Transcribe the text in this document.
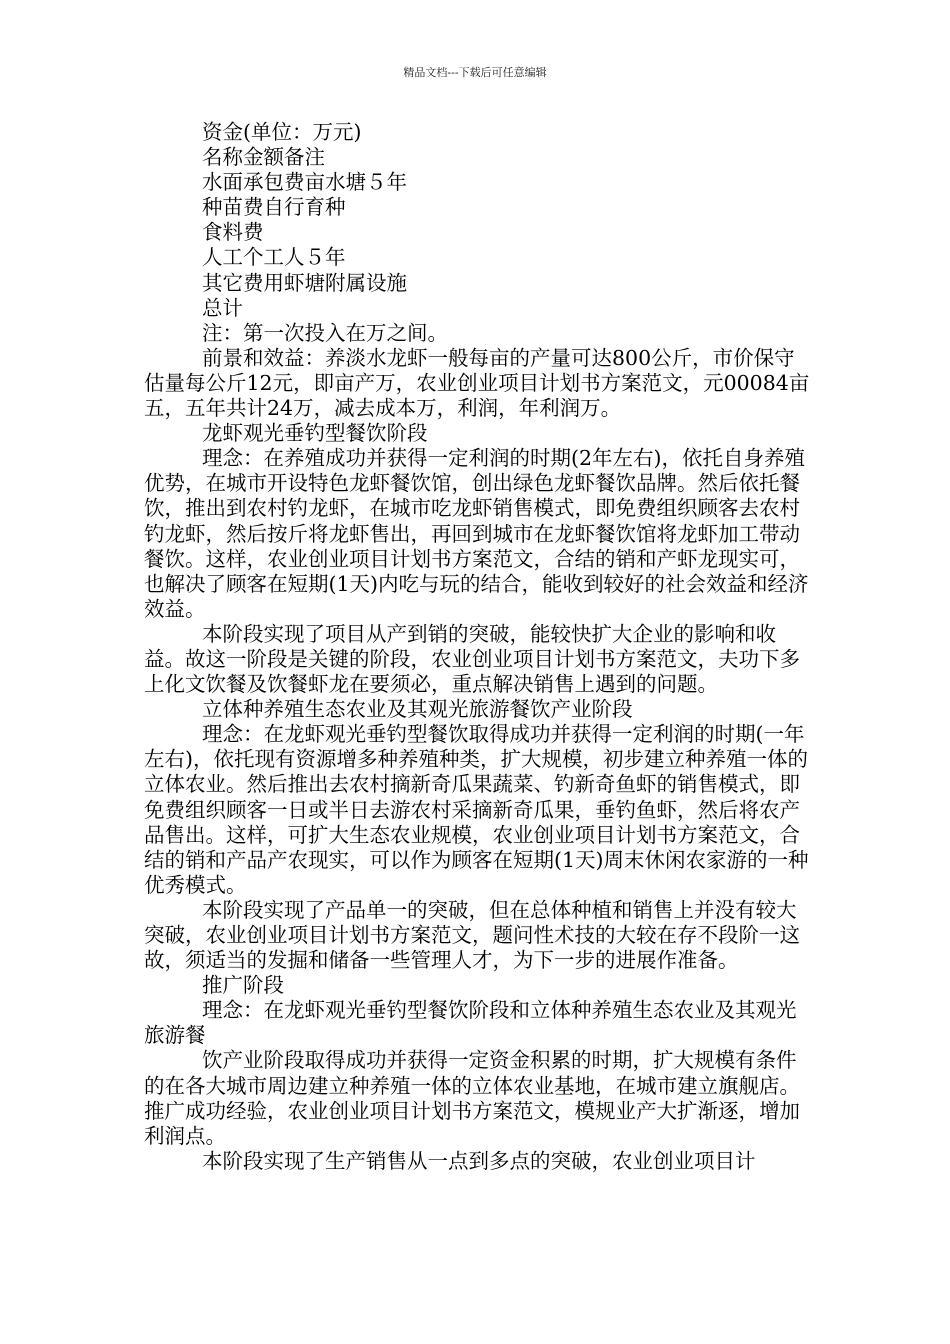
精品文档---下载后可任意编辑

资金(单位：万元)

名称金额备注

水面承包费亩水塘５年

种苗费自行育种

食料费

人工个工人５年

其它费用虾塘附属设施

总计

注：第一次投入在万之间。

前景和效益：养淡水龙虾一般每亩的产量可达800公斤，市价保守估量每公斤12元，即亩产万，农业创业项目计划书方案范文，元00084亩五，五年共计24万，减去成本万，利润，年利润万。

龙虾观光垂钓型餐饮阶段

理念：在养殖成功并获得一定利润的时期(2年左右)，依托自身养殖优势，在城市开设特色龙虾餐饮馆，创出绿色龙虾餐饮品牌。然后依托餐饮，推出到农村钓龙虾，在城市吃龙虾销售模式，即免费组织顾客去农村钓龙虾，然后按斤将龙虾售出，再回到城市在龙虾餐饮馆将龙虾加工带动餐饮。这样，农业创业项目计划书方案范文，合结的销和产虾龙现实可，也解决了顾客在短期(1天)内吃与玩的结合，能收到较好的社会效益和经济效益。

本阶段实现了项目从产到销的突破，能较快扩大企业的影响和收益。故这一阶段是关键的阶段，农业创业项目计划书方案范文，夫功下多上化文饮餐及饮餐虾龙在要须必，重点解决销售上遇到的问题。

立体种养殖生态农业及其观光旅游餐饮产业阶段

理念：在龙虾观光垂钓型餐饮取得成功并获得一定利润的时期(一年左右)，依托现有资源增多种养殖种类，扩大规模，初步建立种养殖一体的立体农业。然后推出去农村摘新奇瓜果蔬菜、钓新奇鱼虾的销售模式，即免费组织顾客一日或半日去游农村采摘新奇瓜果，垂钓鱼虾，然后将农产品售出。这样，可扩大生态农业规模，农业创业项目计划书方案范文，合结的销和产品产农现实，可以作为顾客在短期(1天)周末休闲农家游的一种优秀模式。

本阶段实现了产品单一的突破，但在总体种植和销售上并没有较大突破，农业创业项目计划书方案范文，题问性术技的大较在存不段阶一这故，须适当的发掘和储备一些管理人才，为下一步的进展作准备。

推广阶段

理念：在龙虾观光垂钓型餐饮阶段和立体种养殖生态农业及其观光旅游餐

饮产业阶段取得成功并获得一定资金积累的时期，扩大规模有条件的在各大城市周边建立种养殖一体的立体农业基地，在城市建立旗舰店。推广成功经验，农业创业项目计划书方案范文，模规业产大扩渐逐，增加利润点。

本阶段实现了生产销售从一点到多点的突破，农业创业项目计
